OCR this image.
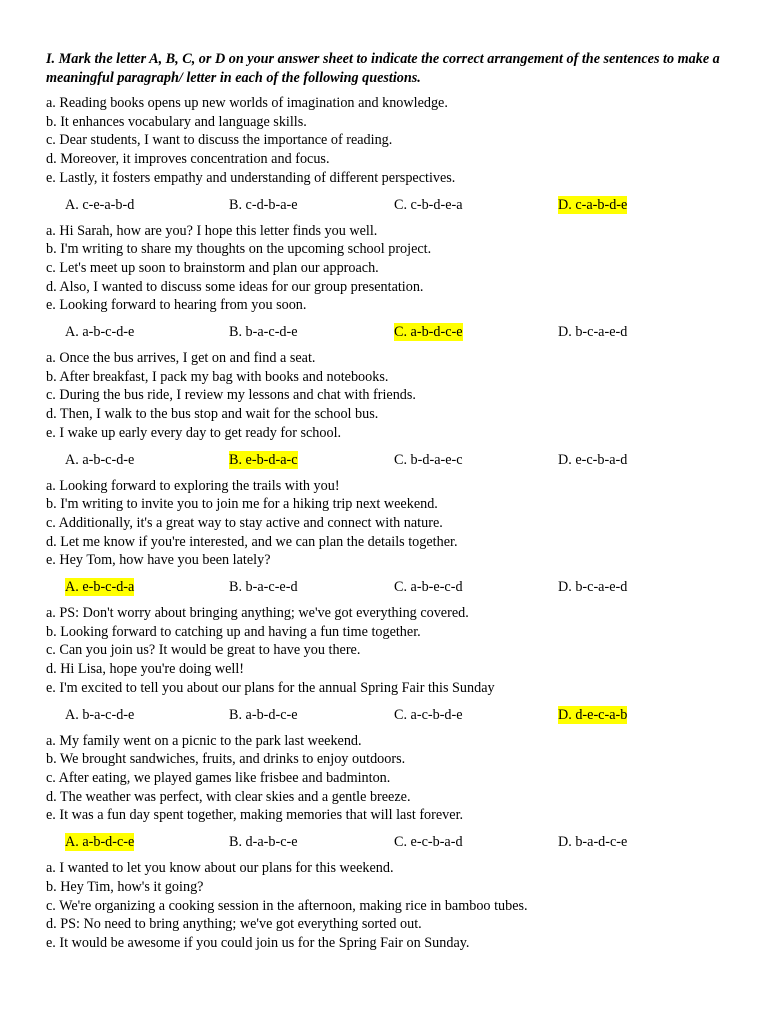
I. Mark the letter A, B, C, or D on your answer sheet to indicate the correct arrangement of the sentences to make a meaningful paragraph/ letter in each of the following questions.

a. Reading books opens up new worlds of imagination and knowledge.
b. It enhances vocabulary and language skills.
c. Dear students, I want to discuss the importance of reading.
d. Moreover, it improves concentration and focus.
e. Lastly, it fosters empathy and understanding of different perspectives.
A. c-e-a-b-d	B. c-d-b-a-e	C. c-b-d-e-a	D. c-a-b-d-e
a. Hi Sarah, how are you? I hope this letter finds you well.
b. I'm writing to share my thoughts on the upcoming school project.
c. Let's meet up soon to brainstorm and plan our approach.
d. Also, I wanted to discuss some ideas for our group presentation.
e. Looking forward to hearing from you soon.
A. a-b-c-d-e	B. b-a-c-d-e	C. a-b-d-c-e	D. b-c-a-e-d
a. Once the bus arrives, I get on and find a seat.
b. After breakfast, I pack my bag with books and notebooks.
c. During the bus ride, I review my lessons and chat with friends.
d. Then, I walk to the bus stop and wait for the school bus.
e. I wake up early every day to get ready for school.
A. a-b-c-d-e	B. e-b-d-a-c	C. b-d-a-e-c	D. e-c-b-a-d
a. Looking forward to exploring the trails with you!
b. I'm writing to invite you to join me for a hiking trip next weekend.
c. Additionally, it's a great way to stay active and connect with nature.
d. Let me know if you're interested, and we can plan the details together.
e. Hey Tom, how have you been lately?
A. e-b-c-d-a	B. b-a-c-e-d	C. a-b-e-c-d	D. b-c-a-e-d
a. PS: Don't worry about bringing anything; we've got everything covered.
b. Looking forward to catching up and having a fun time together.
c. Can you join us? It would be great to have you there.
d. Hi Lisa, hope you're doing well!
e. I'm excited to tell you about our plans for the annual Spring Fair this Sunday
A. b-a-c-d-e	B. a-b-d-c-e	C. a-c-b-d-e	D. d-e-c-a-b
a. My family went on a picnic to the park last weekend.
b. We brought sandwiches, fruits, and drinks to enjoy outdoors.
c. After eating, we played games like frisbee and badminton.
d. The weather was perfect, with clear skies and a gentle breeze.
e. It was a fun day spent together, making memories that will last forever.
A. a-b-d-c-e	B. d-a-b-c-e	C. e-c-b-a-d	D. b-a-d-c-e
a. I wanted to let you know about our plans for this weekend.
b. Hey Tim, how's it going?
c. We're organizing a cooking session in the afternoon, making rice in bamboo tubes.
d. PS: No need to bring anything; we've got everything sorted out.
e. It would be awesome if you could join us for the Spring Fair on Sunday.
